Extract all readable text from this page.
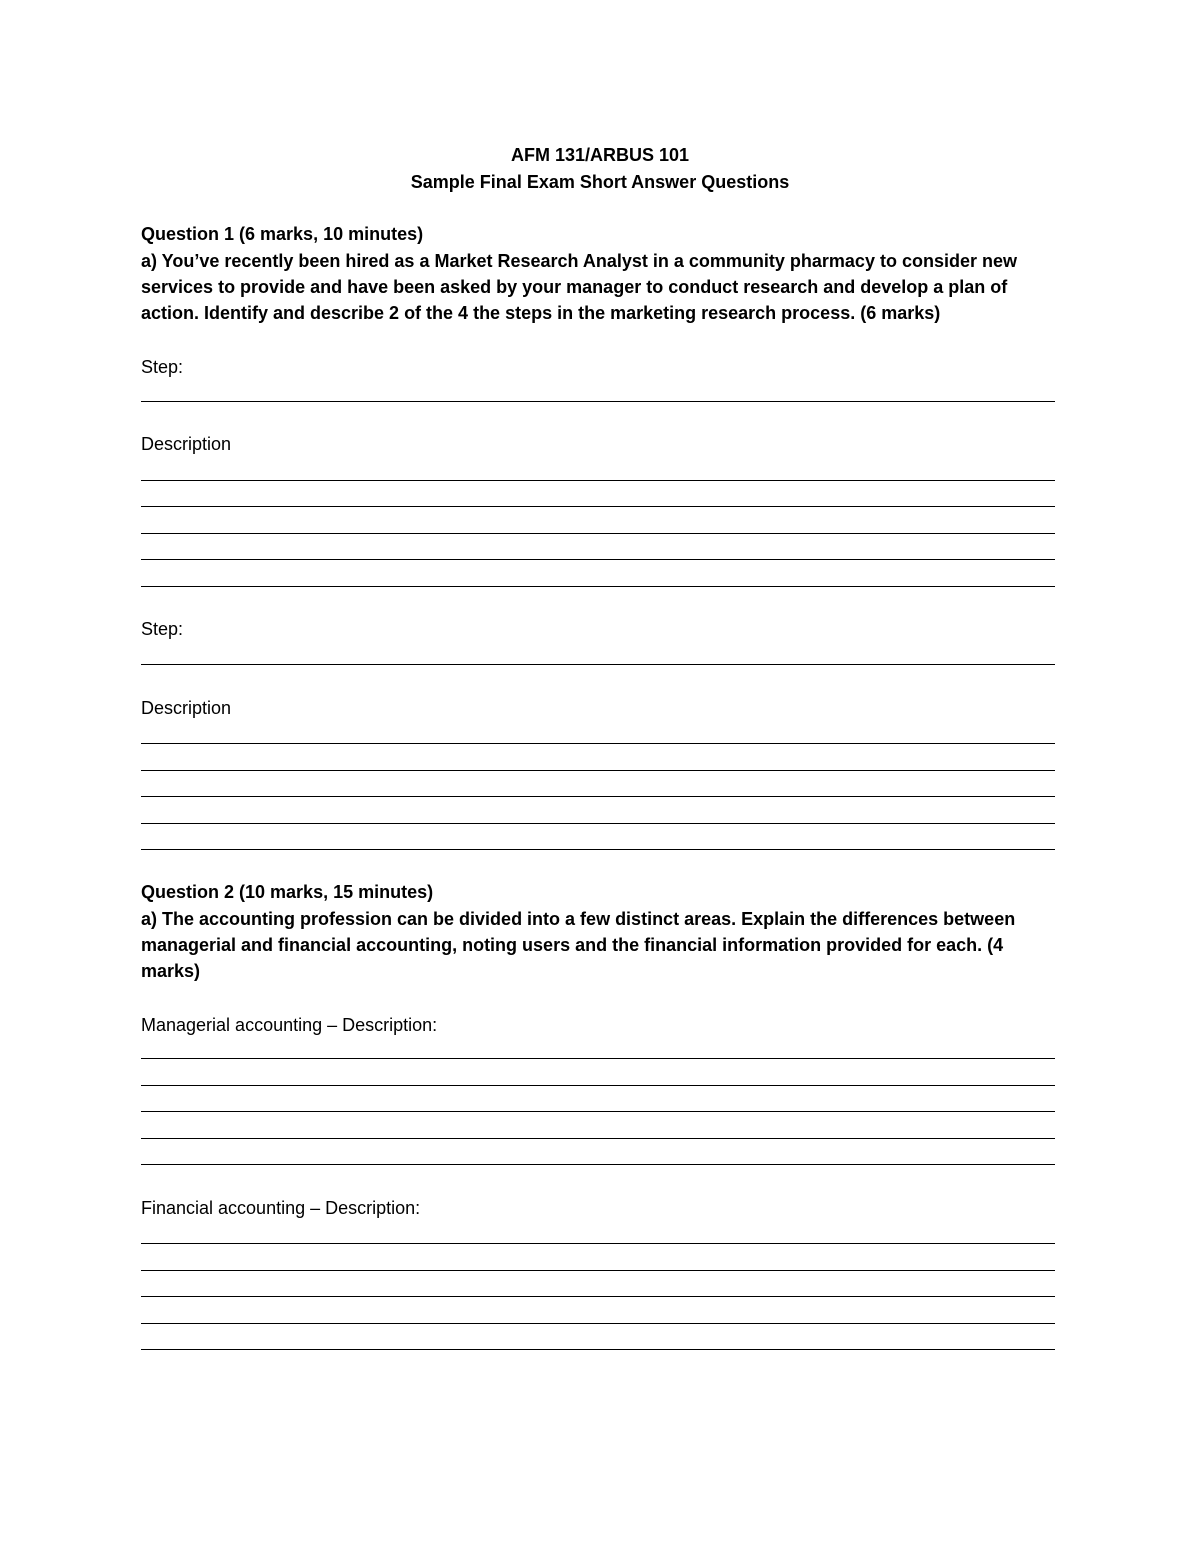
AFM 131/ARBUS 101
Sample Final Exam Short Answer Questions
Question 1 (6 marks, 10 minutes)
a) You’ve recently been hired as a Market Research Analyst in a community pharmacy to consider new
services to provide and have been asked by your manager to conduct research and develop a plan of
action. Identify and describe 2 of the 4 the steps in the marketing research process. (6 marks)
Step:
Description
Step:
Description
Question 2 (10 marks, 15 minutes)
a) The accounting profession can be divided into a few distinct areas. Explain the differences between
managerial and financial accounting, noting users and the financial information provided for each. (4
marks)
Managerial accounting – Description:
Financial accounting – Description:
